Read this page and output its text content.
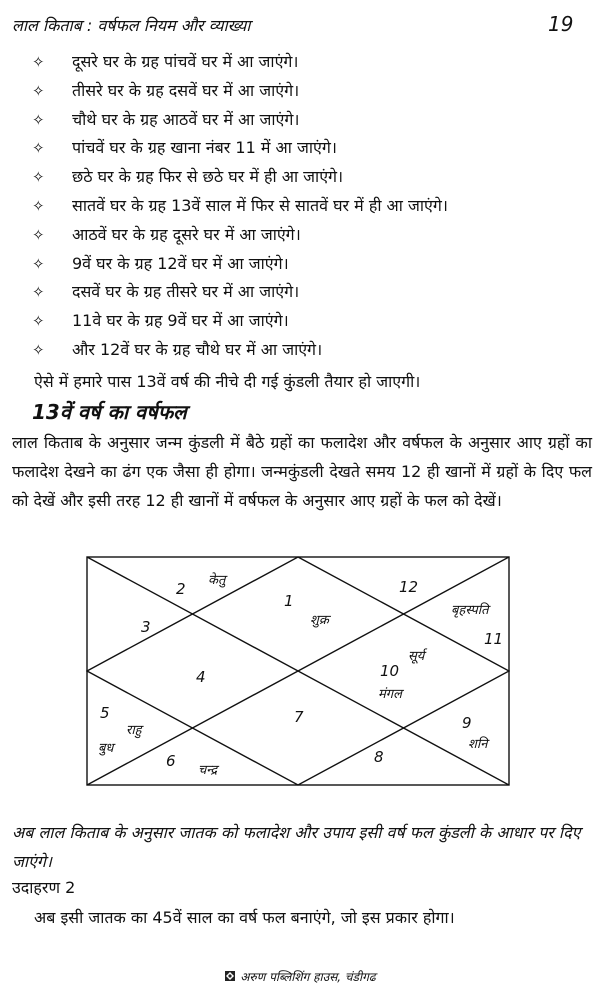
लाल किताब : वर्षफल नियम और व्याख्या	19
✧ दूसरे घर के ग्रह पांचवें घर में आ जाएंगे।
✧ तीसरे घर के ग्रह दसवें घर में आ जाएंगे।
✧ चौथे घर के ग्रह आठवें घर में आ जाएंगे।
✧ पांचवें घर के ग्रह खाना नंबर 11 में आ जाएंगे।
✧ छठे घर के ग्रह फिर से छठे घर में ही आ जाएंगे।
✧ सातवें घर के ग्रह 13वें साल में फिर से सातवें घर में ही आ जाएंगे।
✧ आठवें घर के ग्रह दूसरे घर में आ जाएंगे।
✧ 9वें घर के ग्रह 12वें घर में आ जाएंगे।
✧ दसवें घर के ग्रह तीसरे घर में आ जाएंगे।
✧ 11वे घर के ग्रह 9वें घर में आ जाएंगे।
✧ और 12वें घर के ग्रह चौथे घर में आ जाएंगे।
ऐसे में हमारे पास 13वें वर्ष की नीचे दी गई कुंडली तैयार हो जाएगी।
13वें वर्ष का वर्षफल

लाल किताब के अनुसार जन्म कुंडली में बैठे ग्रहों का फलादेश और वर्षफल के अनुसार आए ग्रहों का फलादेश देखने का ढंग एक जैसा ही होगा। जन्मकुंडली देखते समय 12 ही खानों में ग्रहों के दिए फल को देखें और इसी तरह 12 ही खानों में वर्षफल के अनुसार आए ग्रहों के फल को देखें।

1
2
3
4
5
6
7
8
9
10
11
12
केतु
शुक्र
बृहस्पति
सूर्य
मंगल
राहु
बुध
चन्द्र
शनि

अब लाल किताब के अनुसार जातक को फलादेश और उपाय इसी वर्ष फल कुंडली के आधार पर दिए जाएंगे।

उदाहरण 2
अब इसी जातक का 45वें साल का वर्ष फल बनाएंगे, जो इस प्रकार होगा।
अरुण पब्लिशिंग हाउस, चंडीगढ
